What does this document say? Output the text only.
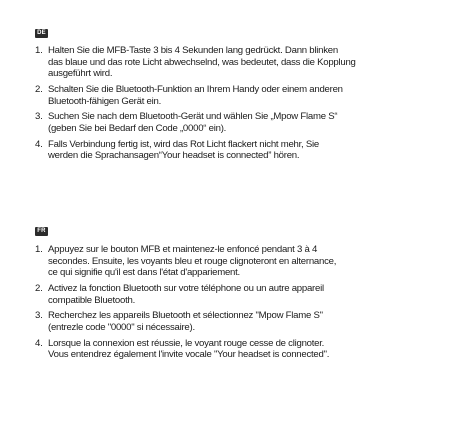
DE
1. Halten Sie die MFB-Taste 3 bis 4 Sekunden lang gedrückt. Dann blinken
das blaue und das rote Licht abwechselnd, was bedeutet, dass die Kopplung
ausgeführt wird.
2. Schalten Sie die Bluetooth-Funktion an Ihrem Handy oder einem anderen
Bluetooth-fähigen Gerät ein.
3. Suchen Sie nach dem Bluetooth-Gerät und wählen Sie „Mpow Flame S“
(geben Sie bei Bedarf den Code „0000“ ein).
4. Falls Verbindung fertig ist, wird das Rot Licht flackert nicht mehr, Sie
werden die Sprachansagen“Your headset is connected” hören.
FR
1. Appuyez sur le bouton MFB et maintenez-le enfoncé pendant 3 à 4
secondes. Ensuite, les voyants bleu et rouge clignoteront en alternance,
ce qui signifie qu'il est dans l'état d'appariement.
2. Activez la fonction Bluetooth sur votre téléphone ou un autre appareil
compatible Bluetooth.
3. Recherchez les appareils Bluetooth et sélectionnez "Mpow Flame S"
(entrezle code "0000" si nécessaire).
4. Lorsque la connexion est réussie, le voyant rouge cesse de clignoter.
Vous entendrez également l'invite vocale "Your headset is connected".
